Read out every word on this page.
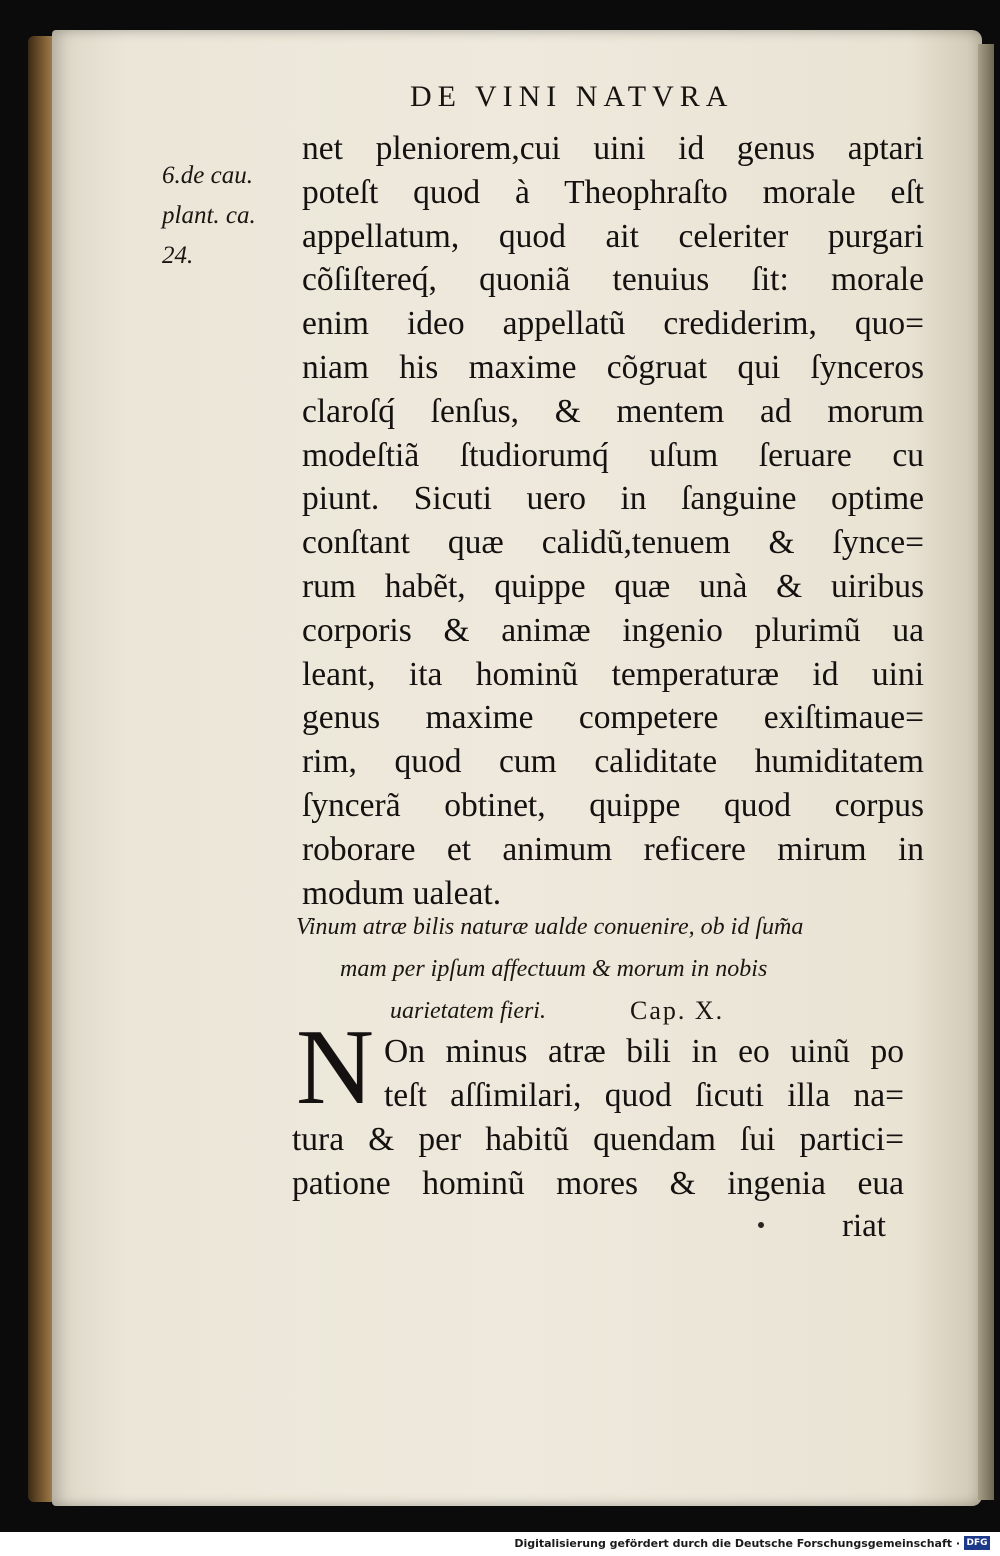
DE VINI NATVRA
6.de cau.
plant. ca.
24.
net pleniorem,cui uini id genus aptari
poteſt quod à Theophraſto morale eſt
appellatum, quod ait celeriter purgari
cõſiſtereq́, quoniã tenuius ſit: morale
enim ideo appellatũ crediderim, quo=
niam his maxime cõgruat qui ſynceros
claroſq́ ſenſus, & mentem ad morum
modeſtiã ſtudiorumq́ uſum ſeruare cu
piunt. Sicuti uero in ſanguine optime
conſtant quæ calidũ,tenuem & ſynce=
rum habẽt, quippe quæ unà & uiribus
corporis & animæ ingenio plurimũ ua
leant, ita hominũ temperaturæ id uini
genus maxime competere exiſtimaue=
rim, quod cum caliditate humiditatem
ſyncerã obtinet, quippe quod corpus
roborare et animum reficere mirum in
modum ualeat.
Vinum atræ bilis naturæ ualde conuenire, ob id ſum̃a
mam per ipſum affectuum & morum in nobis
uarietatem fieri.	Cap. X.
N On minus atræ bili in eo uinũ po
teſt aſſimilari, quod ſicuti illa na=
tura & per habitũ quendam ſui partici=
patione hominũ mores & ingenia eua
riat
Digitalisierung gefördert durch die Deutsche Forschungsgemeinschaft · DFG
